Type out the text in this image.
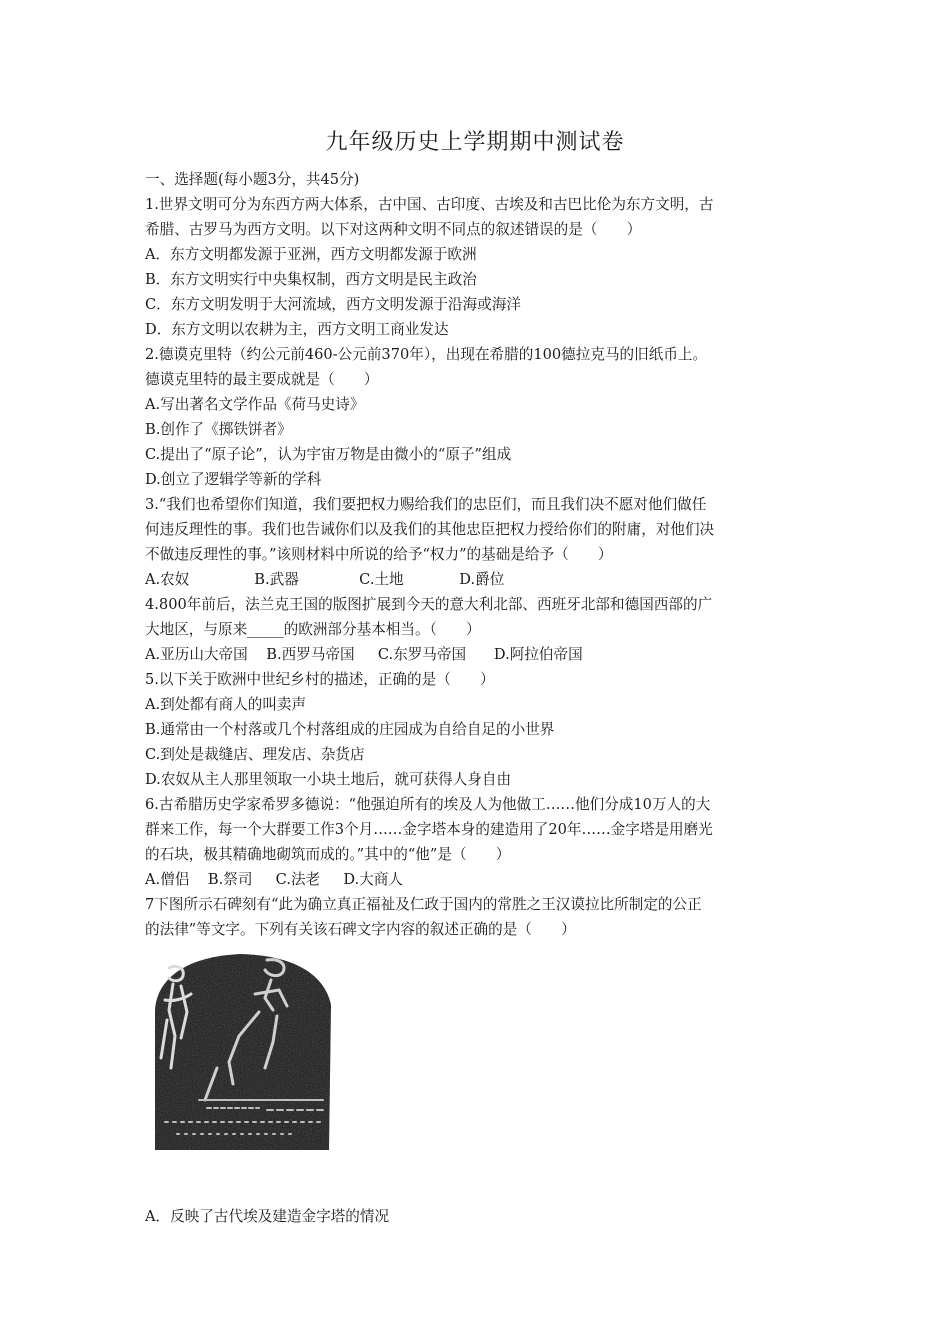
九年级历史上学期期中测试卷
一、选择题(每小题3分，共45分)
1.世界文明可分为东西方两大体系，古中国、古印度、古埃及和古巴比伦为东方文明，古
希腊、古罗马为西方文明。以下对这两种文明不同点的叙述错误的是（　　）
A．东方文明都发源于亚洲，西方文明都发源于欧洲
B．东方文明实行中央集权制，西方文明是民主政治
C．东方文明发明于大河流域，西方文明发源于沿海或海洋
D．东方文明以农耕为主，西方文明工商业发达
2.德谟克里特（约公元前460-公元前370年），出现在希腊的100德拉克马的旧纸币上。
德谟克里特的最主要成就是（　　）
A.写出著名文学作品《荷马史诗》
B.创作了《掷铁饼者》
C.提出了“原子论”，认为宇宙万物是由微小的“原子”组成
D.创立了逻辑学等新的学科
3.“我们也希望你们知道，我们要把权力赐给我们的忠臣们，而且我们决不愿对他们做任
何违反理性的事。我们也告诫你们以及我们的其他忠臣把权力授给你们的附庸，对他们决
不做违反理性的事。”该则材料中所说的给予“权力”的基础是给予（　　）
A.农奴              B.武器             C.土地            D.爵位
4.800年前后，法兰克王国的版图扩展到今天的意大利北部、西班牙北部和德国西部的广
大地区，与原来_____的欧洲部分基本相当。（　　）
A.亚历山大帝国    B.西罗马帝国     C.东罗马帝国      D.阿拉伯帝国
5.以下关于欧洲中世纪乡村的描述，正确的是（　　）
A.到处都有商人的叫卖声
B.通常由一个村落或几个村落组成的庄园成为自给自足的小世界
C.到处是裁缝店、理发店、杂货店
D.农奴从主人那里领取一小块土地后，就可获得人身自由
6.古希腊历史学家希罗多德说：“他强迫所有的埃及人为他做工……他们分成10万人的大
群来工作，每一个大群要工作3个月……金字塔本身的建造用了20年……金字塔是用磨光
的石块，极其精确地砌筑而成的。”其中的“他”是（　　）
A.僧侣    B.祭司     C.法老     D.大商人
7下图所示石碑刻有“此为确立真正福祉及仁政于国内的常胜之王汉谟拉比所制定的公正
的法律”等文字。下列有关该石碑文字内容的叙述正确的是（　　）
A．反映了古代埃及建造金字塔的情况
